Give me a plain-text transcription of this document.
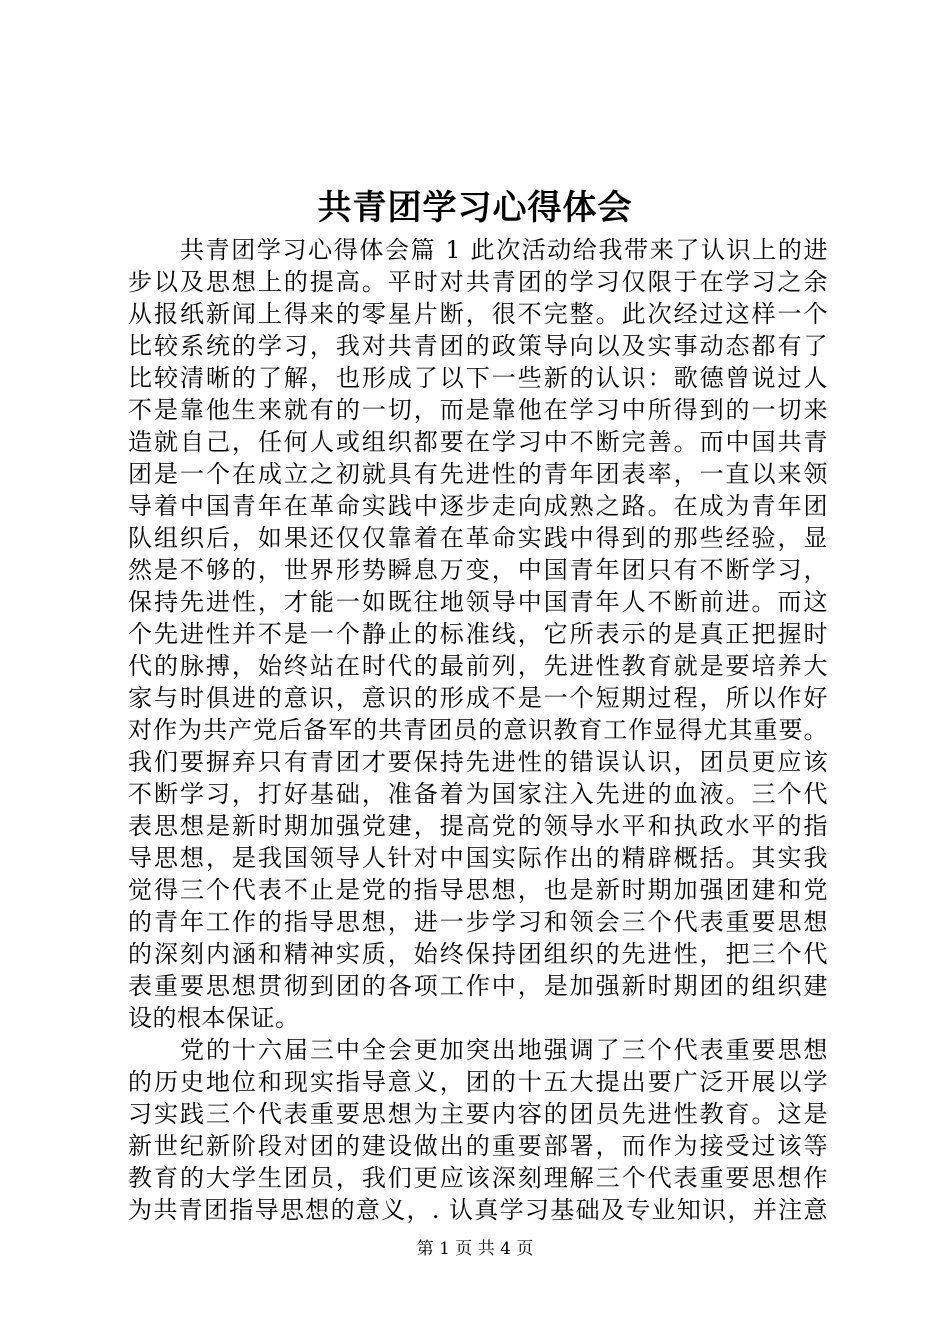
共青团学习心得体会
共青团学习心得体会篇 1 此次活动给我带来了认识上的进
步以及思想上的提高。平时对共青团的学习仅限于在学习之余
从报纸新闻上得来的零星片断，很不完整。此次经过这样一个
比较系统的学习，我对共青团的政策导向以及实事动态都有了
比较清晰的了解，也形成了以下一些新的认识：歌德曾说过人
不是靠他生来就有的一切，而是靠他在学习中所得到的一切来
造就自己，任何人或组织都要在学习中不断完善。而中国共青
团是一个在成立之初就具有先进性的青年团表率，一直以来领
导着中国青年在革命实践中逐步走向成熟之路。在成为青年团
队组织后，如果还仅仅靠着在革命实践中得到的那些经验，显
然是不够的，世界形势瞬息万变，中国青年团只有不断学习，
保持先进性，才能一如既往地领导中国青年人不断前进。而这
个先进性并不是一个静止的标准线，它所表示的是真正把握时
代的脉搏，始终站在时代的最前列，先进性教育就是要培养大
家与时俱进的意识，意识的形成不是一个短期过程，所以作好
对作为共产党后备军的共青团员的意识教育工作显得尤其重要。
我们要摒弃只有青团才要保持先进性的错误认识，团员更应该
不断学习，打好基础，准备着为国家注入先进的血液。三个代
表思想是新时期加强党建，提高党的领导水平和执政水平的指
导思想，是我国领导人针对中国实际作出的精辟概括。其实我
觉得三个代表不止是党的指导思想，也是新时期加强团建和党
的青年工作的指导思想，进一步学习和领会三个代表重要思想
的深刻内涵和精神实质，始终保持团组织的先进性，把三个代
表重要思想贯彻到团的各项工作中，是加强新时期团的组织建
设的根本保证。
党的十六届三中全会更加突出地强调了三个代表重要思想
的历史地位和现实指导意义，团的十五大提出要广泛开展以学
习实践三个代表重要思想为主要内容的团员先进性教育。这是
新世纪新阶段对团的建设做出的重要部署，而作为接受过该等
教育的大学生团员，我们更应该深刻理解三个代表重要思想作
为共青团指导思想的意义，. 认真学习基础及专业知识，并注意
第 1 页 共 4 页
